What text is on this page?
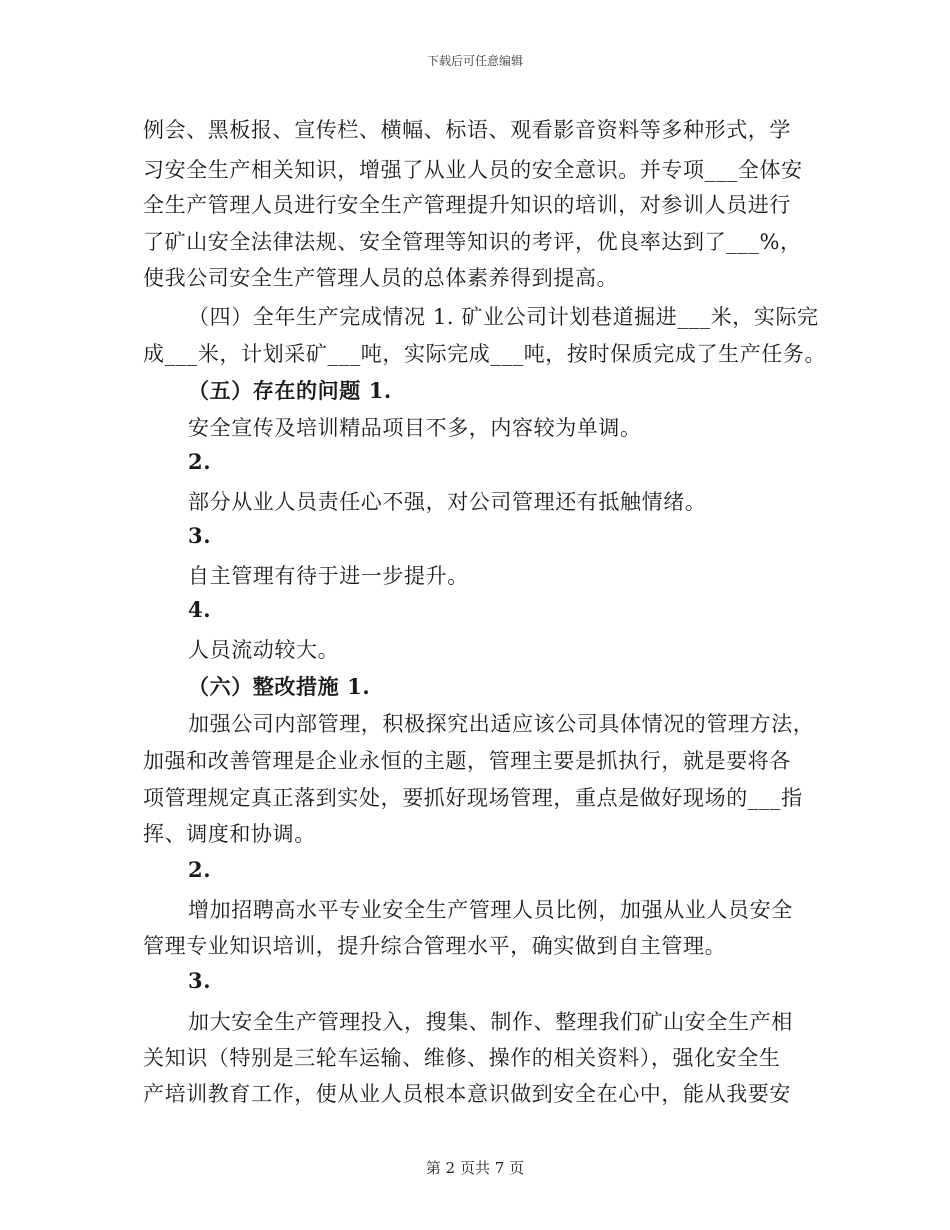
下载后可任意编辑
例会、黑板报、宣传栏、横幅、标语、观看影音资料等多种形式，学
习安全生产相关知识，增强了从业人员的安全意识。并专项___全体安
全生产管理人员进行安全生产管理提升知识的培训，对参训人员进行
了矿山安全法律法规、安全管理等知识的考评，优良率达到了___%，
使我公司安全生产管理人员的总体素养得到提高。
（四）全年生产完成情况 1. 矿业公司计划巷道掘进___米，实际完
成___米，计划采矿___吨，实际完成___吨，按时保质完成了生产任务。
（五）存在的问题 1.
安全宣传及培训精品项目不多，内容较为单调。
2.
部分从业人员责任心不强，对公司管理还有抵触情绪。
3.
自主管理有待于进一步提升。
4.
人员流动较大。
（六）整改措施 1.
加强公司内部管理，积极探究出适应该公司具体情况的管理方法，
加强和改善管理是企业永恒的主题，管理主要是抓执行，就是要将各
项管理规定真正落到实处，要抓好现场管理，重点是做好现场的___指
挥、调度和协调。
2.
增加招聘高水平专业安全生产管理人员比例，加强从业人员安全
管理专业知识培训，提升综合管理水平，确实做到自主管理。
3.
加大安全生产管理投入，搜集、制作、整理我们矿山安全生产相
关知识（特别是三轮车运输、维修、操作的相关资料），强化安全生
产培训教育工作，使从业人员根本意识做到安全在心中，能从我要安
第 2 页共 7 页
